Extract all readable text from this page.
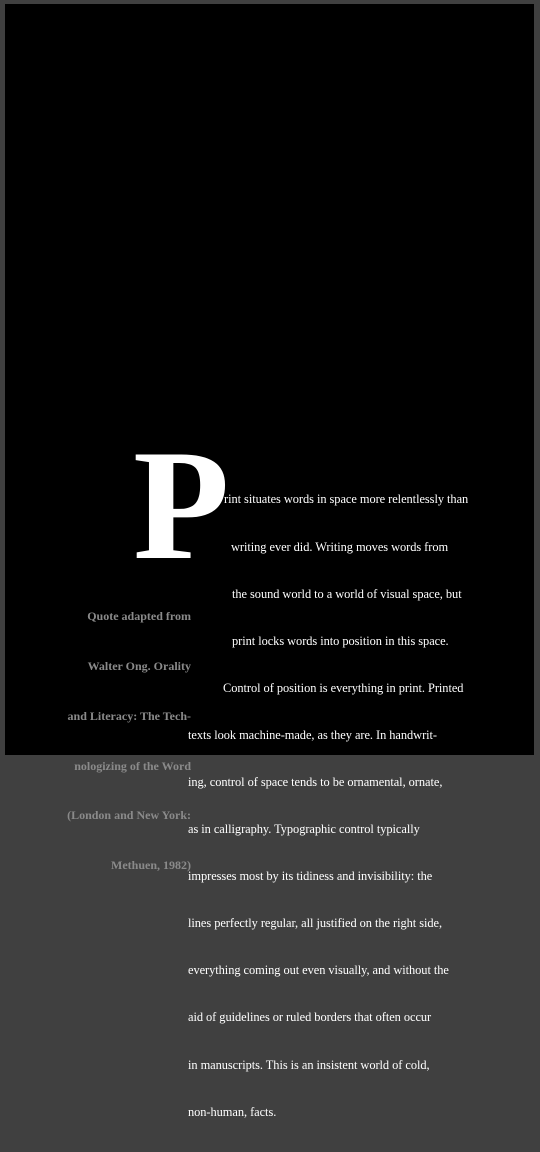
P

rint situates words in space more relentlessly than

writing ever did. Writing moves words from

the sound world to a world of visual space, but

print locks words into position in this space.

Control of position is everything in print. Printed

texts look machine-made, as they are. In handwrit-

ing, control of space tends to be ornamental, ornate,

as in calligraphy. Typographic control typically

impresses most by its tidiness and invisibility: the

lines perfectly regular, all justified on the right side,

everything coming out even visually, and without the

aid of guidelines or ruled borders that often occur

in manuscripts. This is an insistent world of cold,

non-human, facts.

Quote adapted from

Walter Ong. Orality

and Literacy: The Tech-

nologizing of the Word

(London and New York:

Methuen, 1982)
